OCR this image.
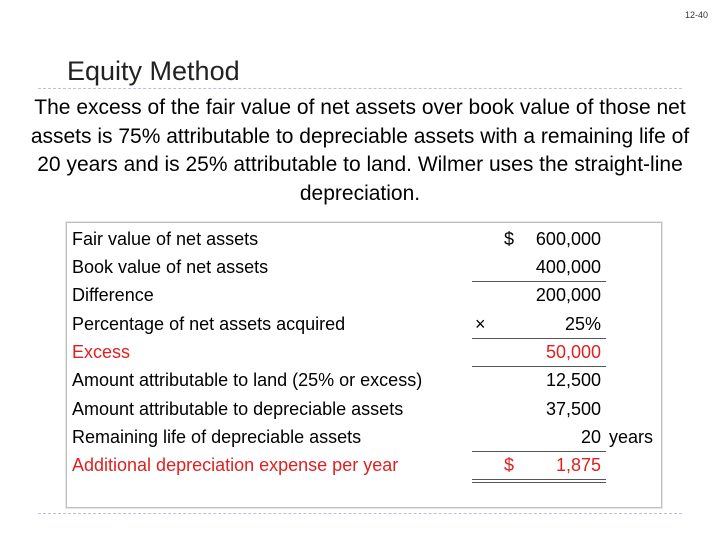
12-40
Equity Method
The excess of the fair value of net assets over book value of those net assets is 75% attributable to depreciable assets with a remaining life of 20 years and is 25% attributable to land. Wilmer uses the straight-line depreciation.
Fair value of net assets	$ 600,000
Book value of net assets	400,000
Difference	200,000
Percentage of net assets acquired	×	25%
Excess	50,000
Amount attributable to land (25% or excess)	12,500
Amount attributable to depreciable assets	37,500
Remaining life of depreciable assets	20 years
Additional depreciation expense per year	$ 1,875
